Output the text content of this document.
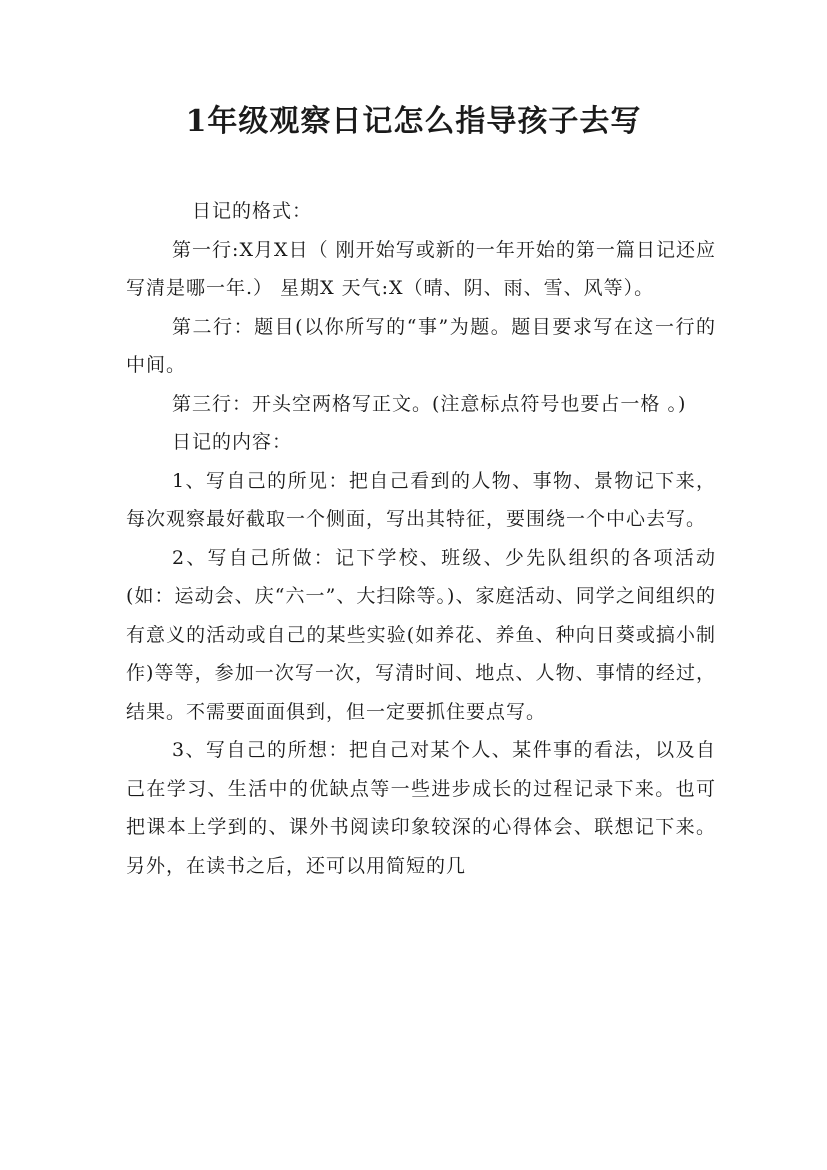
1年级观察日记怎么指导孩子去写

日记的格式：

第一行:X月X日（ 刚开始写或新的一年开始的第一篇日记还应写清是哪一年.） 星期X 天气:X（晴、阴、雨、雪、风等）。

第二行：题目(以你所写的“事”为题。题目要求写在这一行的中间。

第三行：开头空两格写正文。(注意标点符号也要占一格 。)

日记的内容：

1、写自己的所见：把自己看到的人物、事物、景物记下来，每次观察最好截取一个侧面，写出其特征，要围绕一个中心去写。

2、写自己所做：记下学校、班级、少先队组织的各项活动(如：运动会、庆“六一”、大扫除等。)、家庭活动、同学之间组织的有意义的活动或自己的某些实验(如养花、养鱼、种向日葵或搞小制作)等等，参加一次写一次，写清时间、地点、人物、事情的经过，结果。不需要面面俱到，但一定要抓住要点写。

3、写自己的所想：把自己对某个人、某件事的看法，以及自己在学习、生活中的优缺点等一些进步成长的过程记录下来。也可把课本上学到的、课外书阅读印象较深的心得体会、联想记下来。另外，在读书之后，还可以用简短的几
